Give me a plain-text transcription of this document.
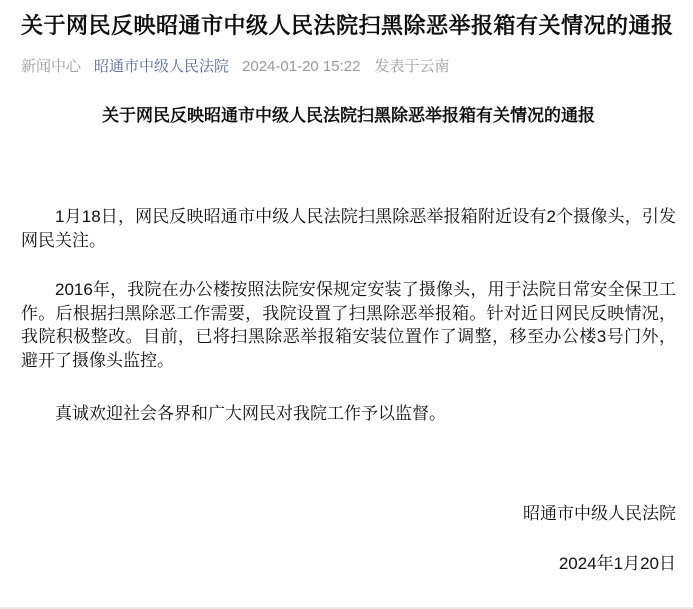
关于网民反映昭通市中级人民法院扫黑除恶举报箱有关情况的通报
新闻中心 昭通市中级人民法院 2024-01-20 15:22 发表于云南
关于网民反映昭通市中级人民法院扫黑除恶举报箱有关情况的通报

1月18日，网民反映昭通市中级人民法院扫黑除恶举报箱附近设有2个摄像头，引发网民关注。

2016年，我院在办公楼按照法院安保规定安装了摄像头，用于法院日常安全保卫工作。后根据扫黑除恶工作需要，我院设置了扫黑除恶举报箱。针对近日网民反映情况，我院积极整改。目前，已将扫黑除恶举报箱安装位置作了调整，移至办公楼3号门外，避开了摄像头监控。

真诚欢迎社会各界和广大网民对我院工作予以监督。

昭通市中级人民法院
2024年1月20日
